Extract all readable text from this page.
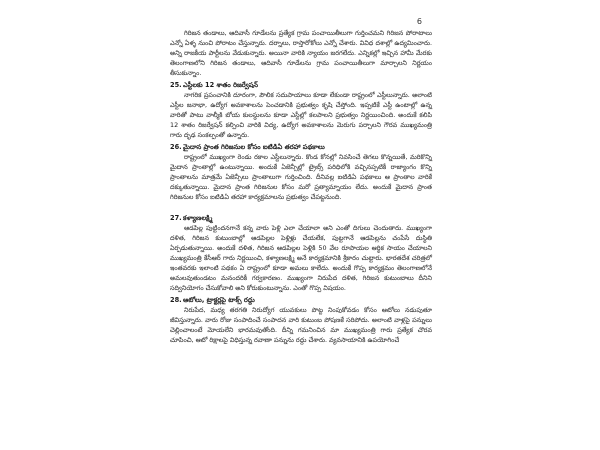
6

గిరిజన తండాలు, ఆదివాసీ గూడేలను ప్రత్యేక గ్రామ పంచాయితీలుగా గుర్తించమని గిరిజన పోరాటాలు ఎన్నో ఏళ్ళ నుంచి పోరాటం చేస్తున్నారు. దర్నాలు, రాస్తారోకోలు ఎన్నో చేశారు. వివిధ దశాల్లో ఉద్యమించారు. అన్ని రాజకీయ పార్టీలను వేడుకున్నారు. అయినా వారికి న్యాయం జరగలేదు. ఎన్నికల్లో ఇచ్చిన హామీ మేరకు తెలంగాణలోని గిరిజన తండాలు, ఆదివాసీ గూడేలను గ్రామ పంచాయితీలుగా మార్చాలని నిర్ణయం తీసుకున్నాం.

25.ఎస్టీలకు 12 శాతం రిజర్వేషన్

నాగరిక ప్రపంచానికి దూరంగా, పౌలిక సదుపాయాలు కూడా లేకుండా రాష్ట్రంలో ఎస్టీలున్నారు. అలాంటి ఎస్టీల జనాభా, ఉద్యోగ అవకాశాలను పెంచడానికి ప్రభుత్వం కృషి చేస్తోంది. ఇప్పటికే ఎస్టీ ఉంటాల్లో ఉన్న వారితో పాటు వాల్మీకి బోయ కులస్థులను కూడా ఎస్టీల్లో కలపాలని ప్రభుత్వం నిర్ణయించింది. అందుకే కలిపి 12 శాతం రిజర్వేషన్ కల్పించి వారికి విద్య, ఉద్యోగ అవకాశాలను మెరుగు పర్చాలని గౌరవ ముఖ్యమంత్రి గారు దృఢ సంకల్పంతో ఉన్నారు.

26.మైదాన ప్రాంత గిరిజనుల కోసం ఐటిడిఏ తరహా పథకాలు

రాష్ట్రంలో ముఖ్యంగా రెండు రకాల ఎస్టీలున్నారు. కొండ కోనల్లో నివసించే తెగలు కొన్నయితే, మరికొన్ని మైదాన ప్రాంతాల్లో ఉంటున్నాయి. అందుకే ఏజెన్సీల్లో ట్రైబ్స్ పరిధిలోకి వచ్చినప్పటికీ రాజ్యాంగం కొన్ని ప్రాంతాలను మాత్రమే ఏజెన్సీలు ప్రాంతాలుగా గుర్తించింది. దీనివల్ల ఐటిడిఏ పథకాలు ఆ ప్రాంతాల వారికే దక్కుతున్నాయి. మైదాన ప్రాంత గిరిజనుల కోసం మరో ప్రత్యామ్నాయం లేదు. అందుకే మైదాన ప్రాంత గిరిజనుల కోసం ఐటిడిఏ తరహా కార్యక్రమాలను ప్రభుత్వం చేపట్టనుంది.

27.కళ్యాణలక్ష్మి

ఆడపిల్ల పుట్టిందనగానే కన్న వారు పెళ్లి ఎలా చేయాలా అని ఎంతో దిగులు చెందుతారు. ముఖ్యంగా దళిత, గిరిజన కుటుంబాల్లో ఆడపిల్లల పెళ్లిళ్లు చేయలేక, పుట్టగానే ఆడపిల్లను చంపేసే దుస్థితి ఏర్పడుతున్నాయి. అందుకే దళిత, గిరిజన ఆడపిల్లల పెళ్లికి 50 వేల రూపాయల ఆర్థిక సాయం చేయాలని ముఖ్యమంత్రి కేసీఆర్ గారు నిర్ణయించి, కళ్యాణలక్ష్మి అనే కార్యక్రమానికి శ్రీకారం చుట్టారు. భారతదేశ చరిత్రలో ఇంతవరకు ఇలాంటి పథకం ఏ రాష్ట్రంలో కూడా అమలు కాలేదు. అందుకే గొప్ప కార్యక్రమం తెలంగాణలోనే అమలవుతుండటం మనందరికీ గర్వకారణం. ముఖ్యంగా నిరుపేద దళిత, గిరిజన కుటుంబాలు దీనిని సద్వినియోగం చేసుకోవాలి అని కోరుకుంటున్నాను. ఎంతో గొప్ప విషయం.

28.ఆటోలు, ట్రాక్టర్లపై టాక్స్ రద్దు

నిరుపేద, మధ్య తరగతి నిరుద్యోగ యువకులు పొట్ట నింపుకోవడం కోసం ఆటోలు నడుపుతూ జీవిస్తున్నారు. వారు రోజు సంపాదించే సంపాదన వారి కుటుంబ పోషణకే సరిపోదు. అలాంటి వాళ్లపై పన్నులు చెల్లించాలంటే మోయలేని భారమవుతోంది. దీన్ని గమనించిన మా ముఖ్యమంత్రి గారు ప్రత్యేక చొరవ చూపించి, ఆటో రిక్షాలపై విధిస్తున్న రవాణా పన్నును రద్దు చేశారు. వ్యవసాయానికి ఉపయోగించే
